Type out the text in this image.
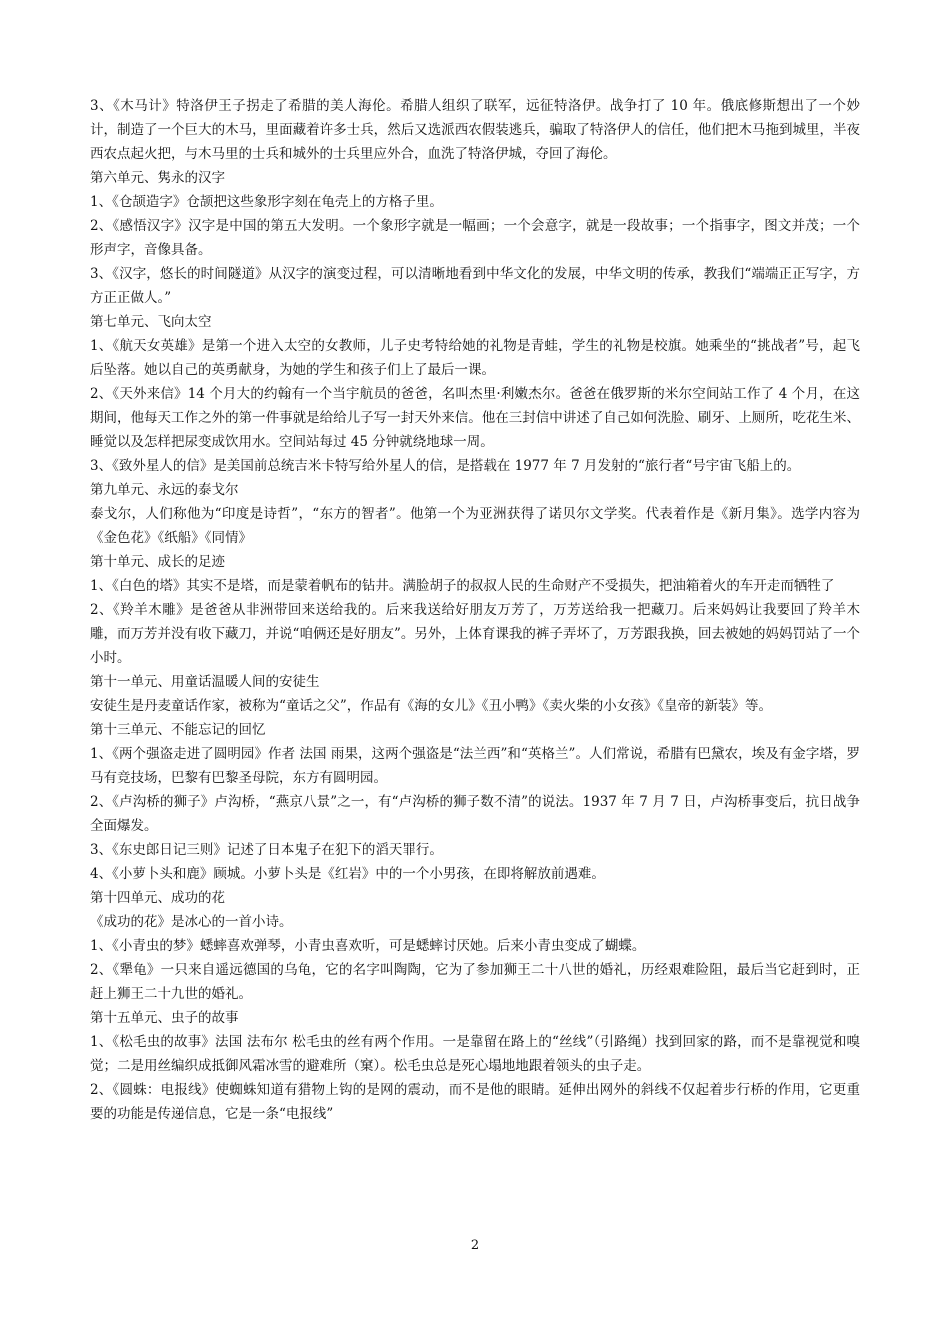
3、《木马计》特洛伊王子拐走了希腊的美人海伦。希腊人组织了联军，远征特洛伊。战争打了 10 年。俄底修斯想出了一个妙计，制造了一个巨大的木马，里面藏着许多士兵，然后又选派西农假装逃兵，骗取了特洛伊人的信任，他们把木马拖到城里，半夜西农点起火把，与木马里的士兵和城外的士兵里应外合，血洗了特洛伊城，夺回了海伦。

第六单元、隽永的汉字

1、《仓颉造字》仓颉把这些象形字刻在龟壳上的方格子里。

2、《感悟汉字》汉字是中国的第五大发明。一个象形字就是一幅画；一个会意字，就是一段故事；一个指事字，图文并茂；一个形声字，音像具备。

3、《汉字，悠长的时间隧道》从汉字的演变过程，可以清晰地看到中华文化的发展，中华文明的传承，教我们“端端正正写字，方方正正做人。”

第七单元、飞向太空

1、《航天女英雄》是第一个进入太空的女教师，儿子史考特给她的礼物是青蛙，学生的礼物是校旗。她乘坐的“挑战者”号，起飞后坠落。她以自己的英勇献身，为她的学生和孩子们上了最后一课。

2、《天外来信》14 个月大的约翰有一个当宇航员的爸爸，名叫杰里·利嫩杰尔。爸爸在俄罗斯的米尔空间站工作了 4 个月，在这期间，他每天工作之外的第一件事就是给给儿子写一封天外来信。他在三封信中讲述了自己如何洗脸、刷牙、上厕所，吃花生米、睡觉以及怎样把尿变成饮用水。空间站每过 45 分钟就绕地球一周。

3、《致外星人的信》是美国前总统吉米卡特写给外星人的信，是搭载在 1977 年 7 月发射的“旅行者“号宇宙飞船上的。

第九单元、永远的泰戈尔

泰戈尔，人们称他为“印度是诗哲”，“东方的智者”。他第一个为亚洲获得了诺贝尔文学奖。代表着作是《新月集》。选学内容为《金色花》《纸船》《同情》

第十单元、成长的足迹

1、《白色的塔》其实不是塔，而是蒙着帆布的钻井。满脸胡子的叔叔人民的生命财产不受损失，把油箱着火的车开走而牺牲了

2、《羚羊木雕》是爸爸从非洲带回来送给我的。后来我送给好朋友万芳了，万芳送给我一把藏刀。后来妈妈让我要回了羚羊木雕，而万芳并没有收下藏刀，并说“咱俩还是好朋友”。另外，上体育课我的裤子弄坏了，万芳跟我换，回去被她的妈妈罚站了一个小时。

第十一单元、用童话温暖人间的安徒生

安徒生是丹麦童话作家，被称为“童话之父”，作品有《海的女儿》《丑小鸭》《卖火柴的小女孩》《皇帝的新装》等。

第十三单元、不能忘记的回忆

1、《两个强盗走进了圆明园》作者 法国 雨果，这两个强盗是“法兰西”和“英格兰”。人们常说，希腊有巴黛农，埃及有金字塔，罗马有竞技场，巴黎有巴黎圣母院，东方有圆明园。

2、《卢沟桥的狮子》卢沟桥，“燕京八景”之一，有“卢沟桥的狮子数不清”的说法。1937 年 7 月 7 日，卢沟桥事变后，抗日战争全面爆发。

3、《东史郎日记三则》记述了日本鬼子在犯下的滔天罪行。

4、《小萝卜头和鹿》顾城。小萝卜头是《红岩》中的一个小男孩，在即将解放前遇难。

第十四单元、成功的花

《成功的花》是冰心的一首小诗。

1、《小青虫的梦》蟋蟀喜欢弹琴，小青虫喜欢听，可是蟋蟀讨厌她。后来小青虫变成了蝴蝶。

2、《犟龟》一只来自遥远德国的乌龟，它的名字叫陶陶，它为了参加狮王二十八世的婚礼，历经艰难险阻，最后当它赶到时，正赶上狮王二十九世的婚礼。

第十五单元、虫子的故事

1、《松毛虫的故事》法国 法布尔 松毛虫的丝有两个作用。一是靠留在路上的“丝线”（引路绳）找到回家的路，而不是靠视觉和嗅觉；二是用丝编织成抵御风霜冰雪的避难所（窠）。松毛虫总是死心塌地地跟着领头的虫子走。

2、《圆蛛：电报线》使蜘蛛知道有猎物上钩的是网的震动，而不是他的眼睛。延伸出网外的斜线不仅起着步行桥的作用，它更重要的功能是传递信息，它是一条“电报线”

2
